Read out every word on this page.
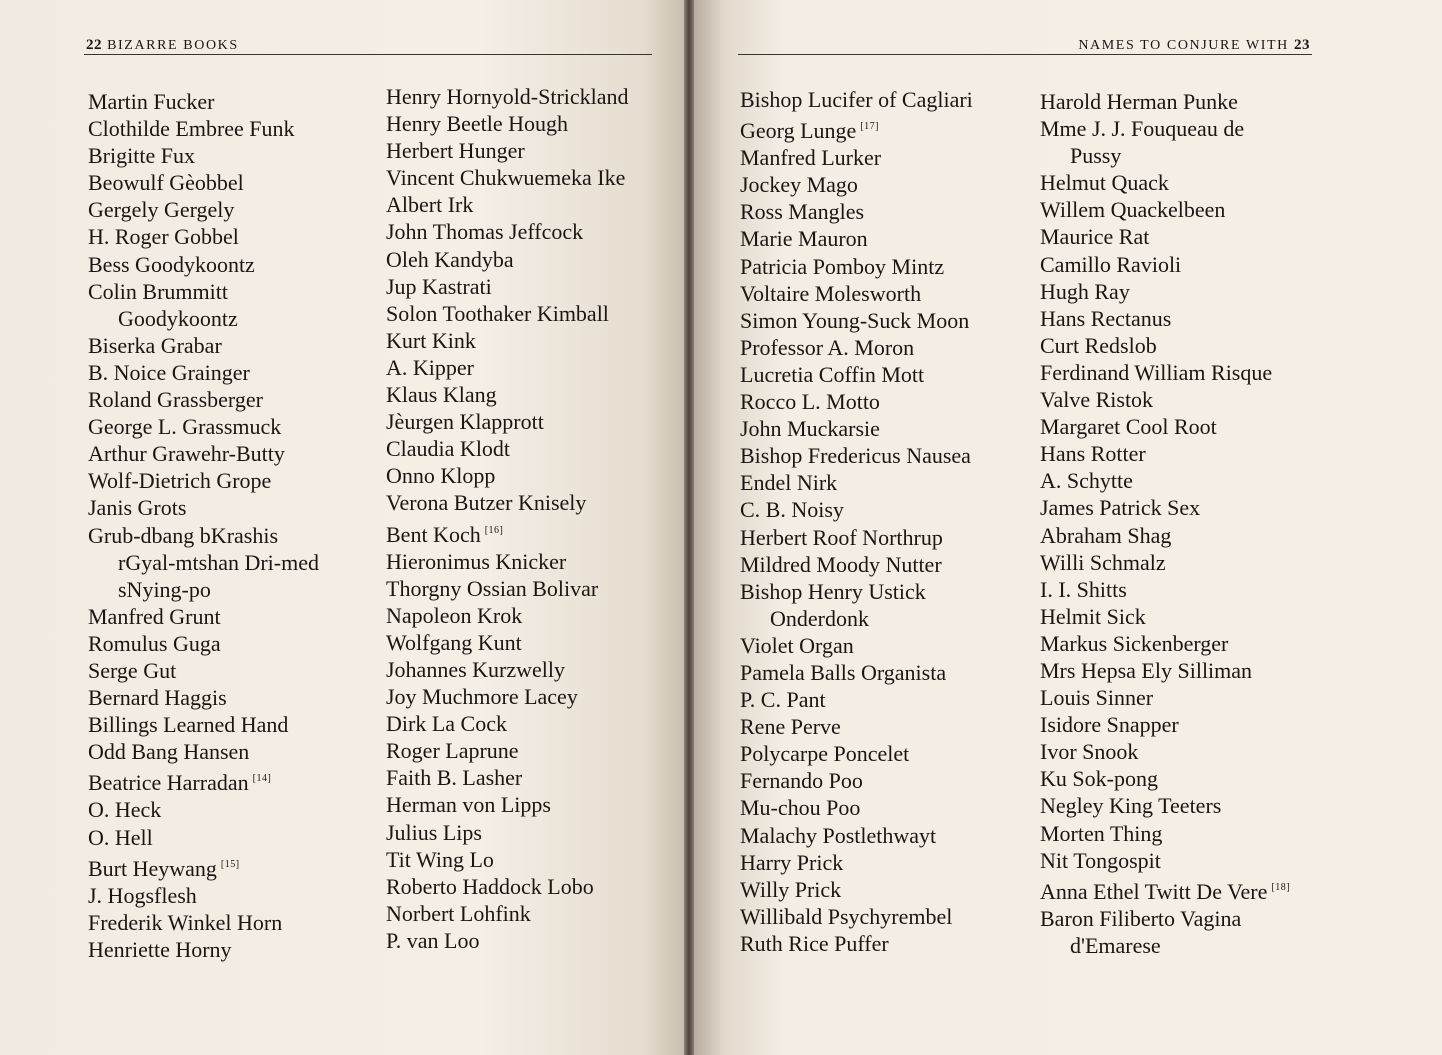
22 BIZARRE BOOKS
Martin Fucker
Clothilde Embree Funk
Brigitte Fux
Beowulf Gèobbel
Gergely Gergely
H. Roger Gobbel
Bess Goodykoontz
Colin Brummitt
Goodykoontz
Biserka Grabar
B. Noice Grainger
Roland Grassberger
George L. Grassmuck
Arthur Grawehr-Butty
Wolf-Dietrich Grope
Janis Grots
Grub-dbang bKrashis
rGyal-mtshan Dri-med
sNying-po
Manfred Grunt
Romulus Guga
Serge Gut
Bernard Haggis
Billings Learned Hand
Odd Bang Hansen
Beatrice Harradan [14]
O. Heck
O. Hell
Burt Heywang [15]
J. Hogsflesh
Frederik Winkel Horn
Henriette Horny
Henry Hornyold-Strickland
Henry Beetle Hough
Herbert Hunger
Vincent Chukwuemeka Ike
Albert Irk
John Thomas Jeffcock
Oleh Kandyba
Jup Kastrati
Solon Toothaker Kimball
Kurt Kink
A. Kipper
Klaus Klang
Jèurgen Klapprott
Claudia Klodt
Onno Klopp
Verona Butzer Knisely
Bent Koch [16]
Hieronimus Knicker
Thorgny Ossian Bolivar
Napoleon Krok
Wolfgang Kunt
Johannes Kurzwelly
Joy Muchmore Lacey
Dirk La Cock
Roger Laprune
Faith B. Lasher
Herman von Lipps
Julius Lips
Tit Wing Lo
Roberto Haddock Lobo
Norbert Lohfink
P. van Loo
NAMES TO CONJURE WITH 23
Bishop Lucifer of Cagliari
Georg Lunge [17]
Manfred Lurker
Jockey Mago
Ross Mangles
Marie Mauron
Patricia Pomboy Mintz
Voltaire Molesworth
Simon Young-Suck Moon
Professor A. Moron
Lucretia Coffin Mott
Rocco L. Motto
John Muckarsie
Bishop Fredericus Nausea
Endel Nirk
C. B. Noisy
Herbert Roof Northrup
Mildred Moody Nutter
Bishop Henry Ustick
Onderdonk
Violet Organ
Pamela Balls Organista
P. C. Pant
Rene Perve
Polycarpe Poncelet
Fernando Poo
Mu-chou Poo
Malachy Postlethwayt
Harry Prick
Willy Prick
Willibald Psychyrembel
Ruth Rice Puffer
Harold Herman Punke
Mme J. J. Fouqueau de
Pussy
Helmut Quack
Willem Quackelbeen
Maurice Rat
Camillo Ravioli
Hugh Ray
Hans Rectanus
Curt Redslob
Ferdinand William Risque
Valve Ristok
Margaret Cool Root
Hans Rotter
A. Schytte
James Patrick Sex
Abraham Shag
Willi Schmalz
I. I. Shitts
Helmit Sick
Markus Sickenberger
Mrs Hepsa Ely Silliman
Louis Sinner
Isidore Snapper
Ivor Snook
Ku Sok-pong
Negley King Teeters
Morten Thing
Nit Tongospit
Anna Ethel Twitt De Vere [18]
Baron Filiberto Vagina
d'Emarese
